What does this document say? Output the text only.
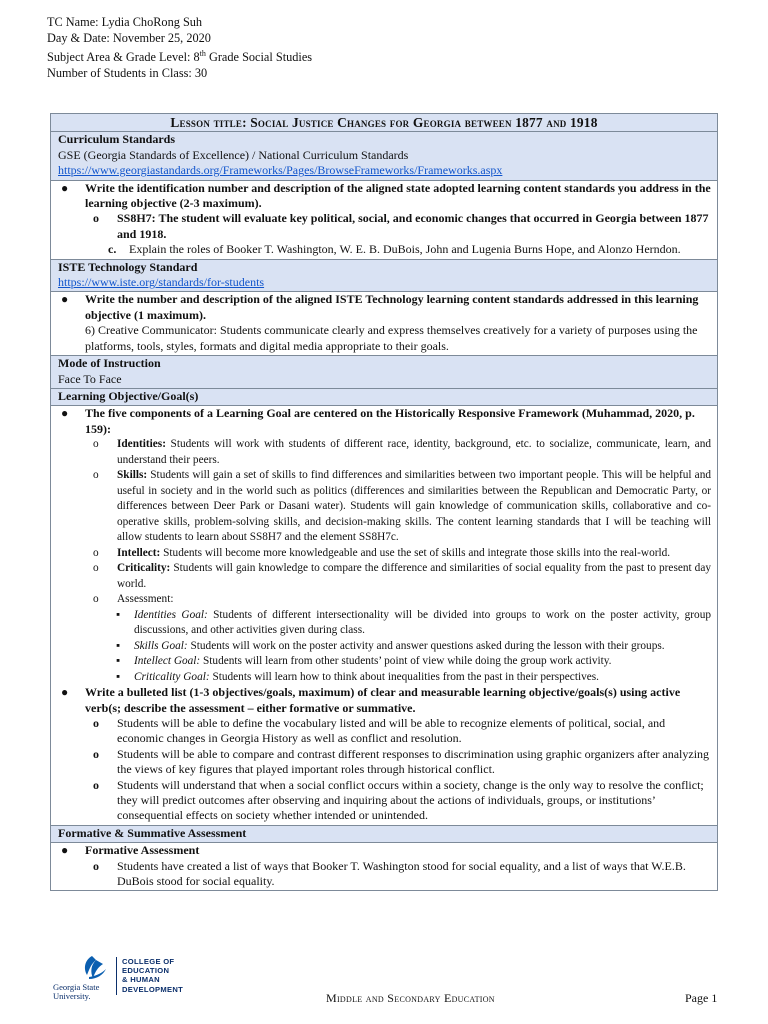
TC Name: Lydia ChoRong Suh
Day & Date: November 25, 2020
Subject Area & Grade Level: 8th Grade Social Studies
Number of Students in Class: 30
Lesson title: Social Justice Changes for Georgia between 1877 and 1918

Curriculum Standards
GSE (Georgia Standards of Excellence) / National Curriculum Standards
https://www.georgiastandards.org/Frameworks/Pages/BrowseFrameworks/Frameworks.aspx

● Write the identification number and description of the aligned state adopted learning content standards you address in the learning objective (2-3 maximum).
o SS8H7: The student will evaluate key political, social, and economic changes that occurred in Georgia between 1877 and 1918.
c. Explain the roles of Booker T. Washington, W. E. B. DuBois, John and Lugenia Burns Hope, and Alonzo Herndon.

ISTE Technology Standard
https://www.iste.org/standards/for-students

● Write the number and description of the aligned ISTE Technology learning content standards addressed in this learning objective (1 maximum).
6) Creative Communicator: Students communicate clearly and express themselves creatively for a variety of purposes using the platforms, tools, styles, formats and digital media appropriate to their goals.

Mode of Instruction
Face To Face

Learning Objective/Goal(s)

● The five components of a Learning Goal are centered on the Historically Responsive Framework (Muhammad, 2020, p. 159):
o Identities: Students will work with students of different race, identity, background, etc. to socialize, communicate, learn, and understand their peers.
o Skills: Students will gain a set of skills to find differences and similarities between two important people. This will be helpful and useful in society and in the world such as politics (differences and similarities between the Republican and Democratic Party, or differences between Deer Park or Dasani water). Students will gain knowledge of communication skills, collaborative and co-operative skills, problem-solving skills, and decision-making skills. The content learning standards that I will be teaching will allow students to learn about SS8H7 and the element SS8H7c.
o Intellect: Students will become more knowledgeable and use the set of skills and integrate those skills into the real-world.
o Criticality: Students will gain knowledge to compare the difference and similarities of social equality from the past to present day world.
o Assessment:
▪ Identities Goal: Students of different intersectionality will be divided into groups to work on the poster activity, group discussions, and other activities given during class.
▪ Skills Goal: Students will work on the poster activity and answer questions asked during the lesson with their groups.
▪ Intellect Goal: Students will learn from other students’ point of view while doing the group work activity.
▪ Criticality Goal: Students will learn how to think about inequalities from the past in their perspectives.
● Write a bulleted list (1-3 objectives/goals, maximum) of clear and measurable learning objective/goals(s) using active verb(s; describe the assessment – either formative or summative.
o Students will be able to define the vocabulary listed and will be able to recognize elements of political, social, and economic changes in Georgia History as well as conflict and resolution.
o Students will be able to compare and contrast different responses to discrimination using graphic organizers after analyzing the views of key figures that played important roles through historical conflict.
o Students will understand that when a social conflict occurs within a society, change is the only way to resolve the conflict; they will predict outcomes after observing and inquiring about the actions of individuals, groups, or institutions’ consequential effects on society whether intended or unintended.

Formative & Summative Assessment

● Formative Assessment
o Students have created a list of ways that Booker T. Washington stood for social equality, and a list of ways that W.E.B. DuBois stood for social equality.
Georgia State
University.
COLLEGE OF
EDUCATION
& HUMAN
DEVELOPMENT
Middle and Secondary Education	Page 1
